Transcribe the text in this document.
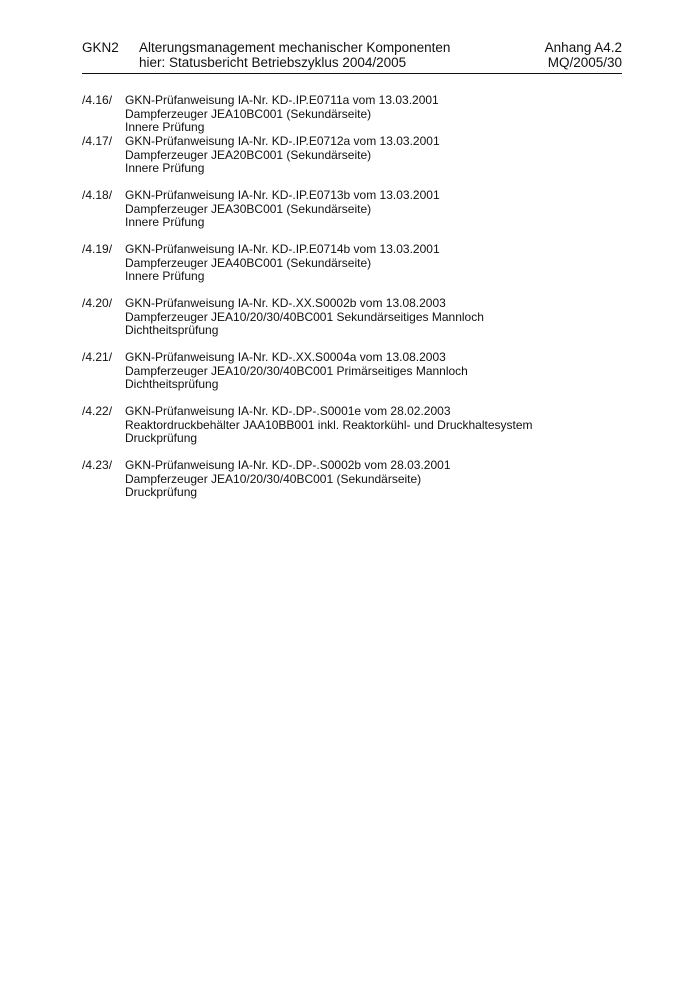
GKN2 Alterungsmanagement mechanischer Komponenten
hier: Statusbericht Betriebszyklus 2004/2005
Anhang A4.2
MQ/2005/30
/4.16/ GKN-Prüfanweisung IA-Nr. KD-.IP.E0711a vom 13.03.2001
Dampferzeuger JEA10BC001 (Sekundärseite)
Innere Prüfung
/4.17/ GKN-Prüfanweisung IA-Nr. KD-.IP.E0712a vom 13.03.2001
Dampferzeuger JEA20BC001 (Sekundärseite)
Innere Prüfung
/4.18/ GKN-Prüfanweisung IA-Nr. KD-.IP.E0713b vom 13.03.2001
Dampferzeuger JEA30BC001 (Sekundärseite)
Innere Prüfung
/4.19/ GKN-Prüfanweisung IA-Nr. KD-.IP.E0714b vom 13.03.2001
Dampferzeuger JEA40BC001 (Sekundärseite)
Innere Prüfung
/4.20/ GKN-Prüfanweisung IA-Nr. KD-.XX.S0002b vom 13.08.2003
Dampferzeuger JEA10/20/30/40BC001 Sekundärseitiges Mannloch
Dichtheitsprüfung
/4.21/ GKN-Prüfanweisung IA-Nr. KD-.XX.S0004a vom 13.08.2003
Dampferzeuger JEA10/20/30/40BC001 Primärseitiges Mannloch
Dichtheitsprüfung
/4.22/ GKN-Prüfanweisung IA-Nr. KD-.DP-.S0001e vom 28.02.2003
Reaktordruckbehälter JAA10BB001 inkl. Reaktorkühl- und Druckhaltesystem
Druckprüfung
/4.23/ GKN-Prüfanweisung IA-Nr. KD-.DP-.S0002b vom 28.03.2001
Dampferzeuger JEA10/20/30/40BC001 (Sekundärseite)
Druckprüfung
